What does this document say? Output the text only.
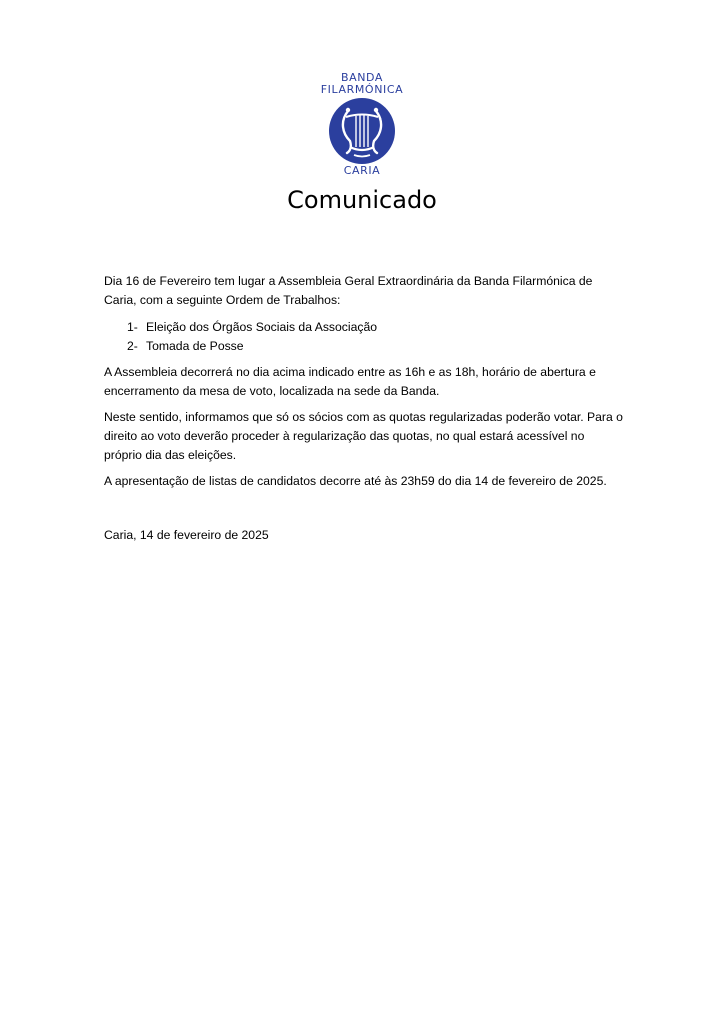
BANDA
FILARMÓNICA
CARIA
Comunicado

Dia 16 de Fevereiro tem lugar a Assembleia Geral Extraordinária da Banda Filarmónica de Caria, com a seguinte Ordem de Trabalhos:

1- Eleição dos Órgãos Sociais da Associação
2- Tomada de Posse

A Assembleia decorrerá no dia acima indicado entre as 16h e as 18h, horário de abertura e encerramento da mesa de voto, localizada na sede da Banda.

Neste sentido, informamos que só os sócios com as quotas regularizadas poderão votar. Para o direito ao voto deverão proceder à regularização das quotas, no qual estará acessível no próprio dia das eleições.

A apresentação de listas de candidatos decorre até às 23h59 do dia 14 de fevereiro de 2025.

Caria, 14 de fevereiro de 2025
